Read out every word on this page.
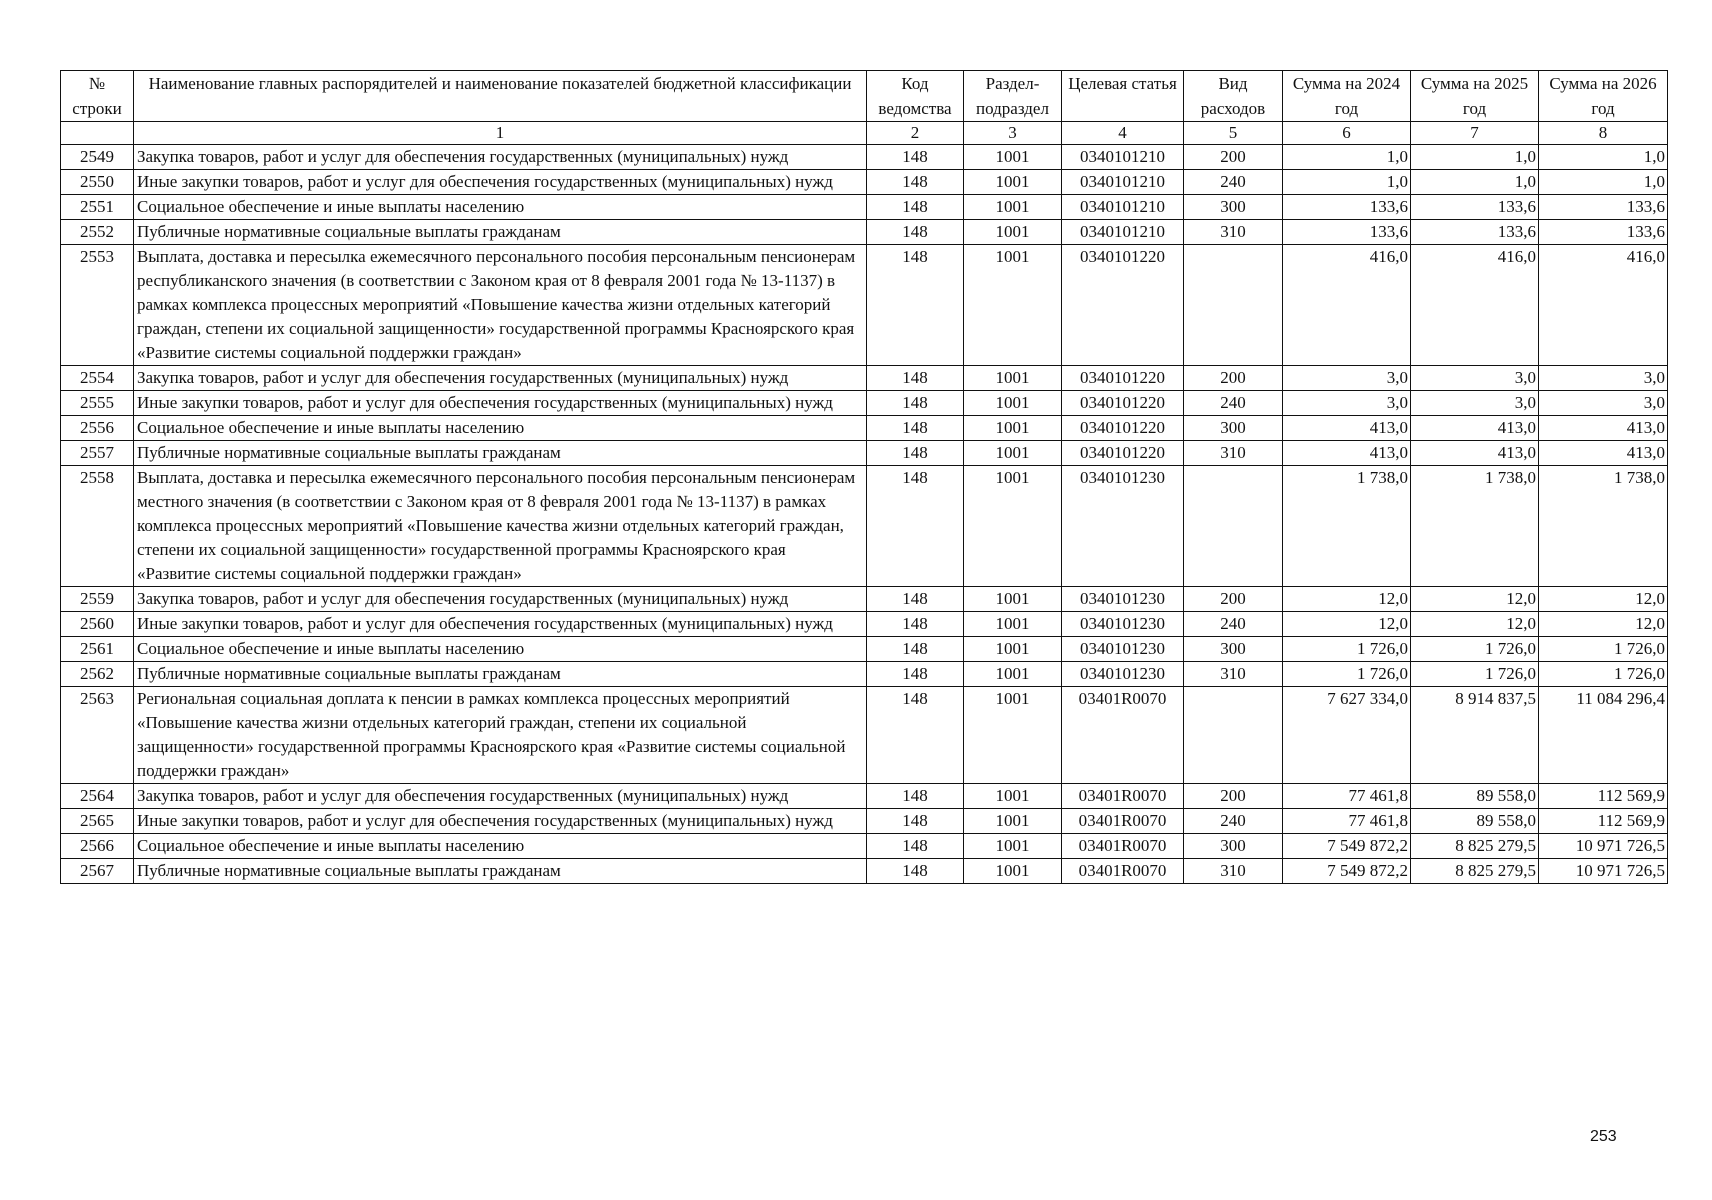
№ строки	Наименование главных распорядителей и наименование показателей бюджетной классификации	Код ведомства	Раздел-подраздел	Целевая статья	Вид расходов	Сумма на 2024 год	Сумма на 2025 год	Сумма на 2026 год
	1	2	3	4	5	6	7	8
2549	Закупка товаров, работ и услуг для обеспечения государственных (муниципальных) нужд	148	1001	0340101210	200	1,0	1,0	1,0
2550	Иные закупки товаров, работ и услуг для обеспечения государственных (муниципальных) нужд	148	1001	0340101210	240	1,0	1,0	1,0
2551	Социальное обеспечение и иные выплаты населению	148	1001	0340101210	300	133,6	133,6	133,6
2552	Публичные нормативные социальные выплаты гражданам	148	1001	0340101210	310	133,6	133,6	133,6
2553	Выплата, доставка и пересылка ежемесячного персонального пособия персональным пенсионерам республиканского значения (в соответствии с Законом края от 8 февраля 2001 года № 13-1137) в рамках комплекса процессных мероприятий «Повышение качества жизни отдельных категорий граждан, степени их социальной защищенности» государственной программы Красноярского края «Развитие системы социальной поддержки граждан»	148	1001	0340101220		416,0	416,0	416,0
2554	Закупка товаров, работ и услуг для обеспечения государственных (муниципальных) нужд	148	1001	0340101220	200	3,0	3,0	3,0
2555	Иные закупки товаров, работ и услуг для обеспечения государственных (муниципальных) нужд	148	1001	0340101220	240	3,0	3,0	3,0
2556	Социальное обеспечение и иные выплаты населению	148	1001	0340101220	300	413,0	413,0	413,0
2557	Публичные нормативные социальные выплаты гражданам	148	1001	0340101220	310	413,0	413,0	413,0
2558	Выплата, доставка и пересылка ежемесячного персонального пособия персональным пенсионерам местного значения (в соответствии с Законом края от 8 февраля 2001 года № 13-1137) в рамках комплекса процессных мероприятий «Повышение качества жизни отдельных категорий граждан, степени их социальной защищенности» государственной программы Красноярского края «Развитие системы социальной поддержки граждан»	148	1001	0340101230		1 738,0	1 738,0	1 738,0
2559	Закупка товаров, работ и услуг для обеспечения государственных (муниципальных) нужд	148	1001	0340101230	200	12,0	12,0	12,0
2560	Иные закупки товаров, работ и услуг для обеспечения государственных (муниципальных) нужд	148	1001	0340101230	240	12,0	12,0	12,0
2561	Социальное обеспечение и иные выплаты населению	148	1001	0340101230	300	1 726,0	1 726,0	1 726,0
2562	Публичные нормативные социальные выплаты гражданам	148	1001	0340101230	310	1 726,0	1 726,0	1 726,0
2563	Региональная социальная доплата к пенсии в рамках комплекса процессных мероприятий «Повышение качества жизни отдельных категорий граждан, степени их социальной защищенности» государственной программы Красноярского края «Развитие системы социальной поддержки граждан»	148	1001	03401R0070		7 627 334,0	8 914 837,5	11 084 296,4
2564	Закупка товаров, работ и услуг для обеспечения государственных (муниципальных) нужд	148	1001	03401R0070	200	77 461,8	89 558,0	112 569,9
2565	Иные закупки товаров, работ и услуг для обеспечения государственных (муниципальных) нужд	148	1001	03401R0070	240	77 461,8	89 558,0	112 569,9
2566	Социальное обеспечение и иные выплаты населению	148	1001	03401R0070	300	7 549 872,2	8 825 279,5	10 971 726,5
2567	Публичные нормативные социальные выплаты гражданам	148	1001	03401R0070	310	7 549 872,2	8 825 279,5	10 971 726,5
253
